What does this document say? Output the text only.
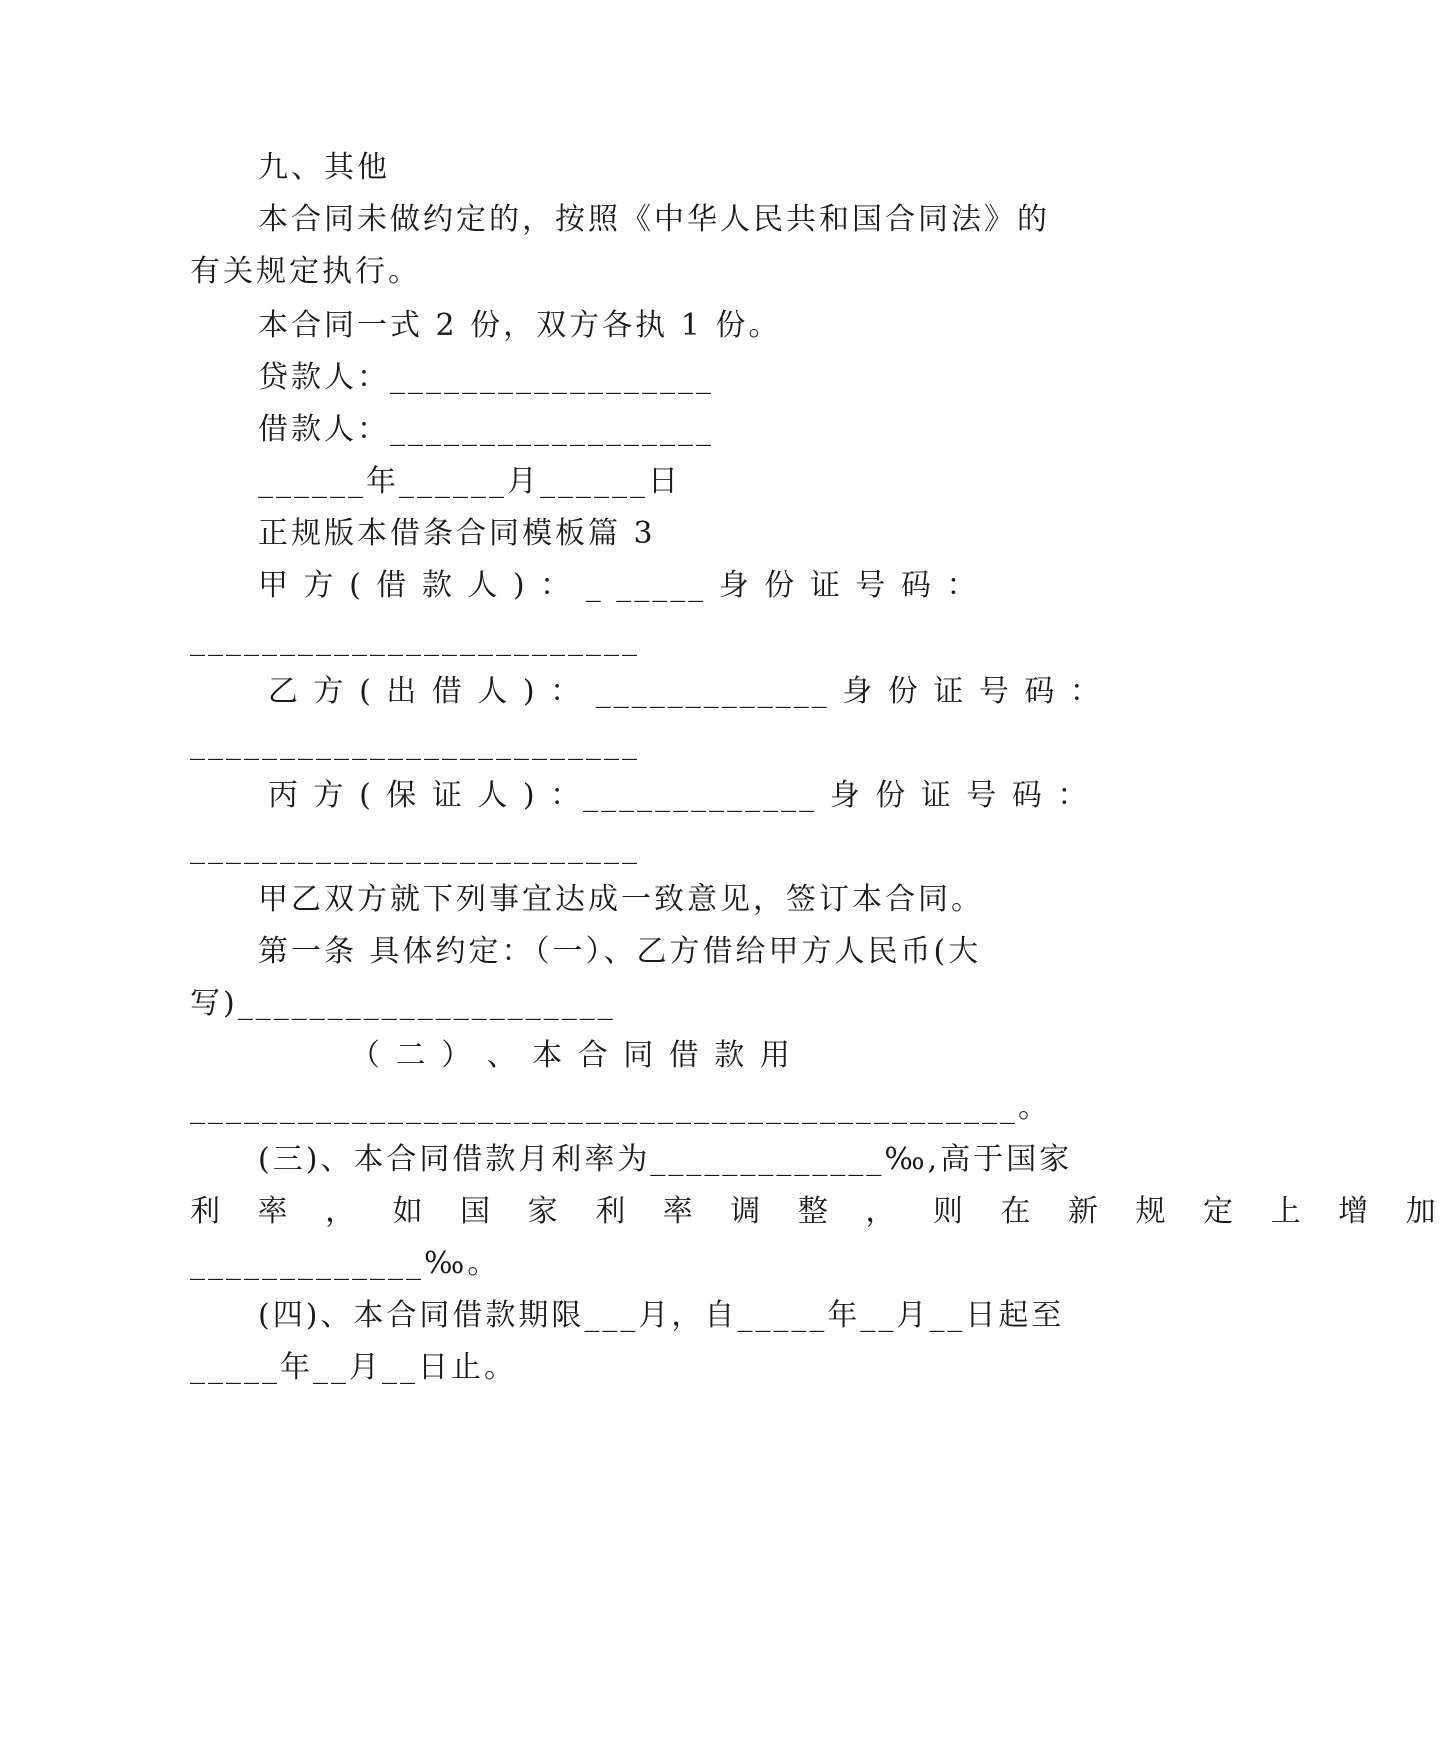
九、其他
本合同未做约定的，按照《中华人民共和国合同法》的
有关规定执行。
本合同一式 2 份，双方各执 1 份。
贷款人：__________________
借款人：__________________
______年______月______日
正规版本借条合同模板篇 3
甲 方 ( 借 款 人 ) ： _ _____ 身 份 证 号 码 ：
_________________________
乙 方 ( 出 借 人 ) ： _____________ 身 份 证 号 码 ：
_________________________
丙 方 ( 保 证 人 ) ：_____________ 身 份 证 号 码 ：
_________________________
甲乙双方就下列事宜达成一致意见，签订本合同。
第一条 具体约定：（一）、乙方借给甲方人民币(大
写)_____________________
（ 二 ） 、 本 合 同 借 款 用
______________________________________________。
(三)、本合同借款月利率为_____________‰,高于国家
利 率 ， 如 国 家 利 率 调 整 ， 则 在 新 规 定 上 增 加
_____________‰。
(四)、本合同借款期限___月，自_____年__月__日起至
_____年__月__日止。
